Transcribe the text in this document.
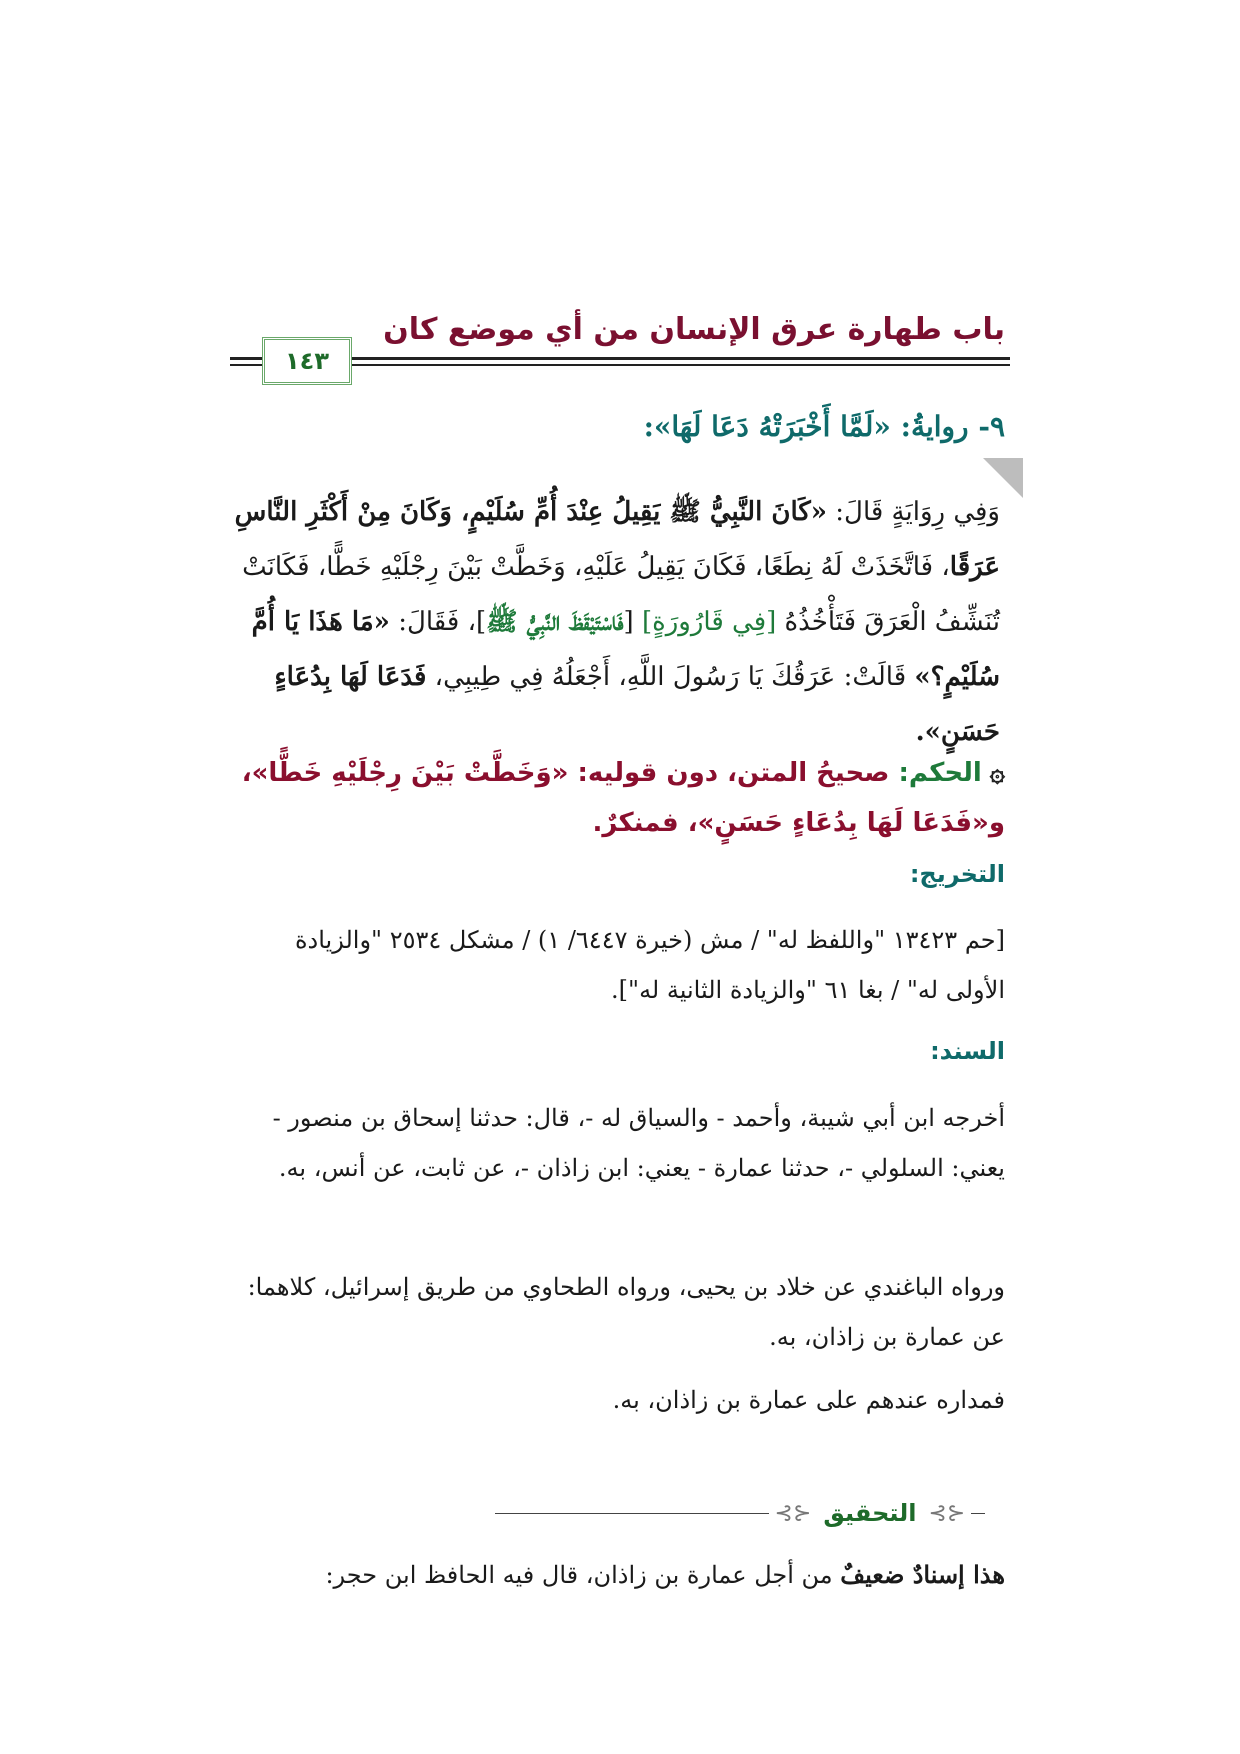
باب طهارة عرق الإنسان من أي موضع كان
١٤٣
٩- روايةُ: «لَمَّا أَخْبَرَتْهُ دَعَا لَهَا»:
وَفِي رِوَايَةٍ قَالَ: «كَانَ النَّبِيُّ ﷺ يَقِيلُ عِنْدَ أُمِّ سُلَيْمٍ، وَكَانَ مِنْ أَكْثَرِ النَّاسِ عَرَقًا، فَاتَّخَذَتْ لَهُ نِطَعًا، فَكَانَ يَقِيلُ عَلَيْهِ، وَخَطَّتْ بَيْنَ رِجْلَيْهِ خَطًّا، فَكَانَتْ تُنَشِّفُ الْعَرَقَ فَتَأْخُذُهُ [فِي قَارُورَةٍ] [فَاسْتَيْقَظَ النَّبِيُّ ﷺ]، فَقَالَ: «مَا هَذَا يَا أُمَّ سُلَيْمٍ؟» قَالَتْ: عَرَقُكَ يَا رَسُولَ اللَّهِ، أَجْعَلُهُ فِي طِيبِي، فَدَعَا لَهَا بِدُعَاءٍ حَسَنٍ».
۞الحكم: صحيحُ المتن، دون قوليه: «وَخَطَّتْ بَيْنَ رِجْلَيْهِ خَطًّا»، و«فَدَعَا لَهَا بِدُعَاءٍ حَسَنٍ»، فمنكرٌ.
التخريج:
[حم ١٣٤٢٣ "واللفظ له" / مش (خيرة ٦٤٤٧/ ١) / مشكل ٢٥٣٤ "والزيادة الأولى له" / بغا ٦١ "والزيادة الثانية له"].
السند:
أخرجه ابن أبي شيبة، وأحمد - والسياق له -، قال: حدثنا إسحاق بن منصور - يعني: السلولي -، حدثنا عمارة - يعني: ابن زاذان -، عن ثابت، عن أنس، به.
ورواه الباغندي عن خلاد بن يحيى، ورواه الطحاوي من طريق إسرائيل، كلاهما: عن عمارة بن زاذان، به.
فمداره عندهم على عمارة بن زاذان، به.
⊰⊱ التحقيق ⊰⊱
هذا إسنادٌ ضعيفٌ من أجل عمارة بن زاذان، قال فيه الحافظ ابن حجر:
